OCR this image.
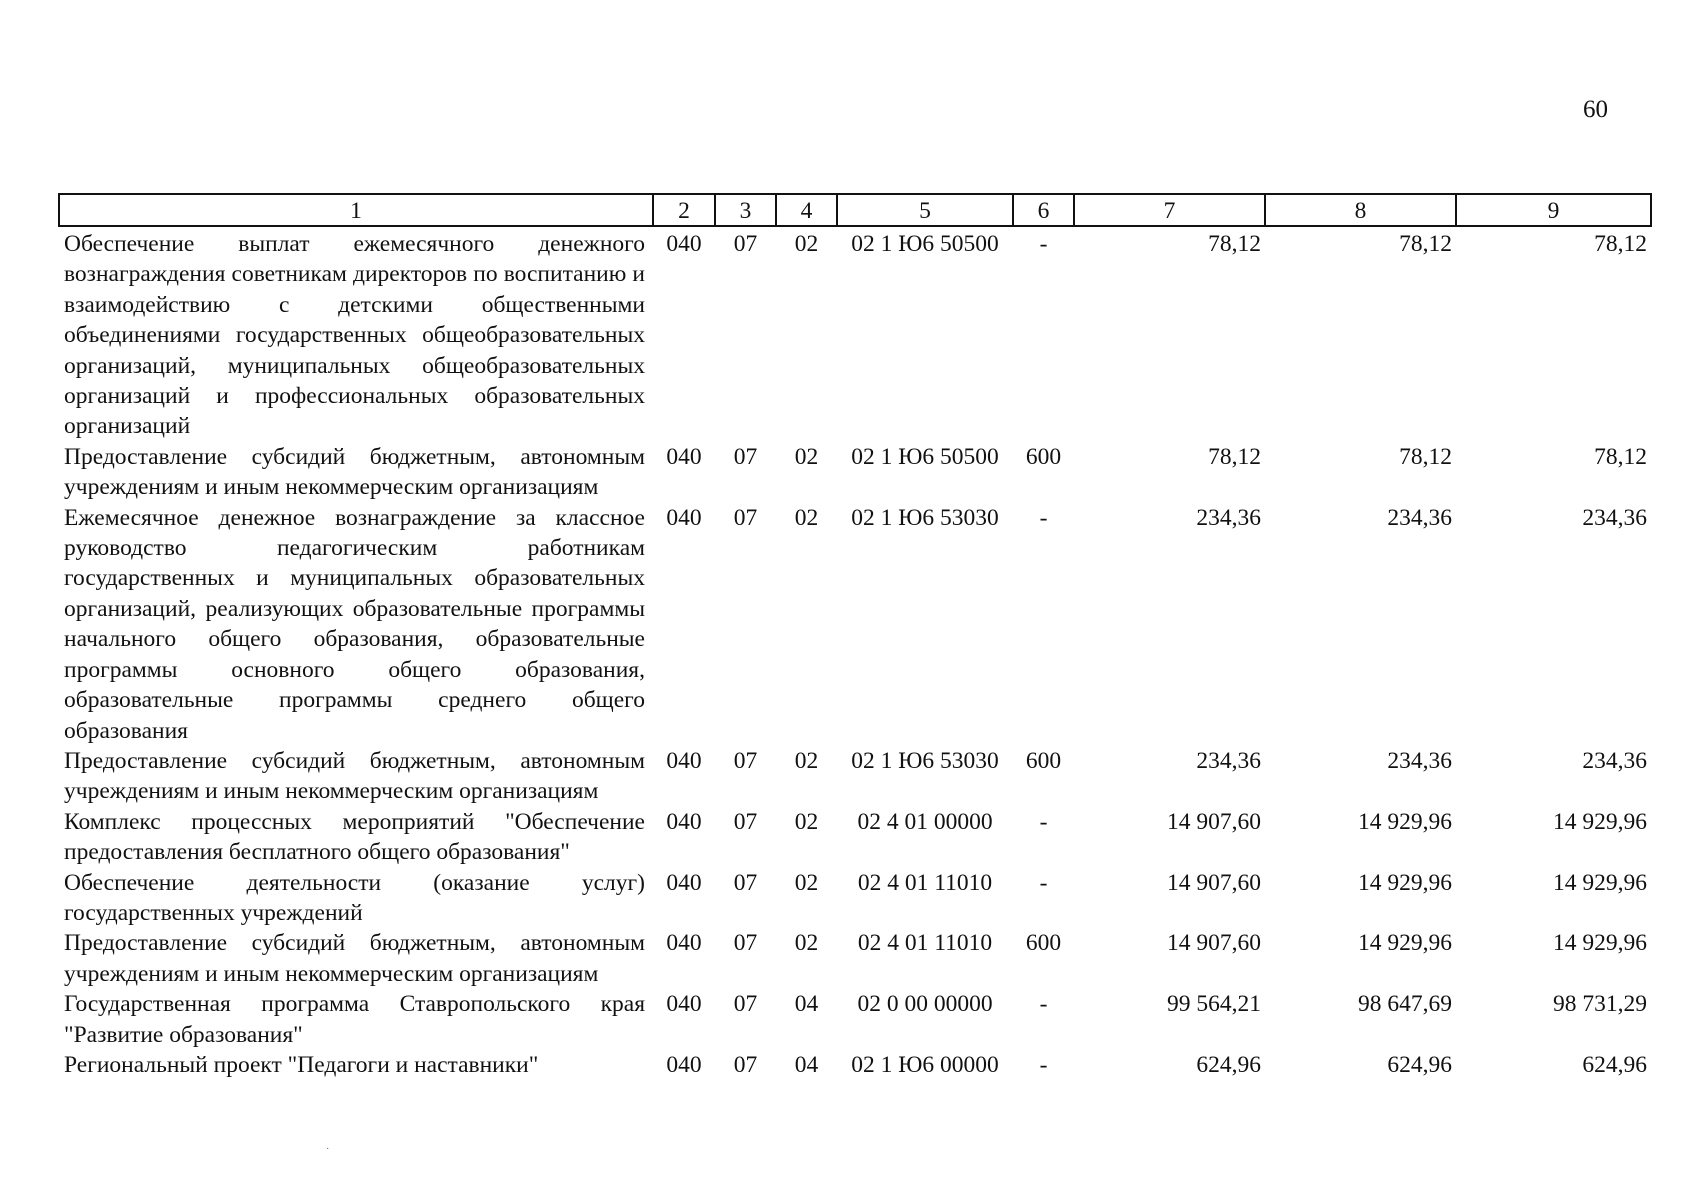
60
1	2	3	4	5	6	7	8	9
Обеспечение выплат ежемесячного денежного вознаграждения советникам директоров по воспитанию и взаимодействию с детскими общественными объединениями государственных общеобразовательных организаций, муниципальных общеобразовательных организаций и профессиональных образовательных организаций	040	07	02	02 1 Ю6 50500	-	78,12	78,12	78,12
Предоставление субсидий бюджетным, автономным учреждениям и иным некоммерческим организациям	040	07	02	02 1 Ю6 50500	600	78,12	78,12	78,12
Ежемесячное денежное вознаграждение за классное руководство педагогическим работникам государственных и муниципальных образовательных организаций, реализующих образовательные программы начального общего образования, образовательные программы основного общего образования, образовательные программы среднего общего образования	040	07	02	02 1 Ю6 53030	-	234,36	234,36	234,36
Предоставление субсидий бюджетным, автономным учреждениям и иным некоммерческим организациям	040	07	02	02 1 Ю6 53030	600	234,36	234,36	234,36
Комплекс процессных мероприятий "Обеспечение предоставления бесплатного общего образования"	040	07	02	02 4 01 00000	-	14 907,60	14 929,96	14 929,96
Обеспечение деятельности (оказание услуг) государственных учреждений	040	07	02	02 4 01 11010	-	14 907,60	14 929,96	14 929,96
Предоставление субсидий бюджетным, автономным учреждениям и иным некоммерческим организациям	040	07	02	02 4 01 11010	600	14 907,60	14 929,96	14 929,96
Государственная программа Ставропольского края "Развитие образования"	040	07	04	02 0 00 00000	-	99 564,21	98 647,69	98 731,29
Региональный проект "Педагоги и наставники"	040	07	04	02 1 Ю6 00000	-	624,96	624,96	624,96
˙
